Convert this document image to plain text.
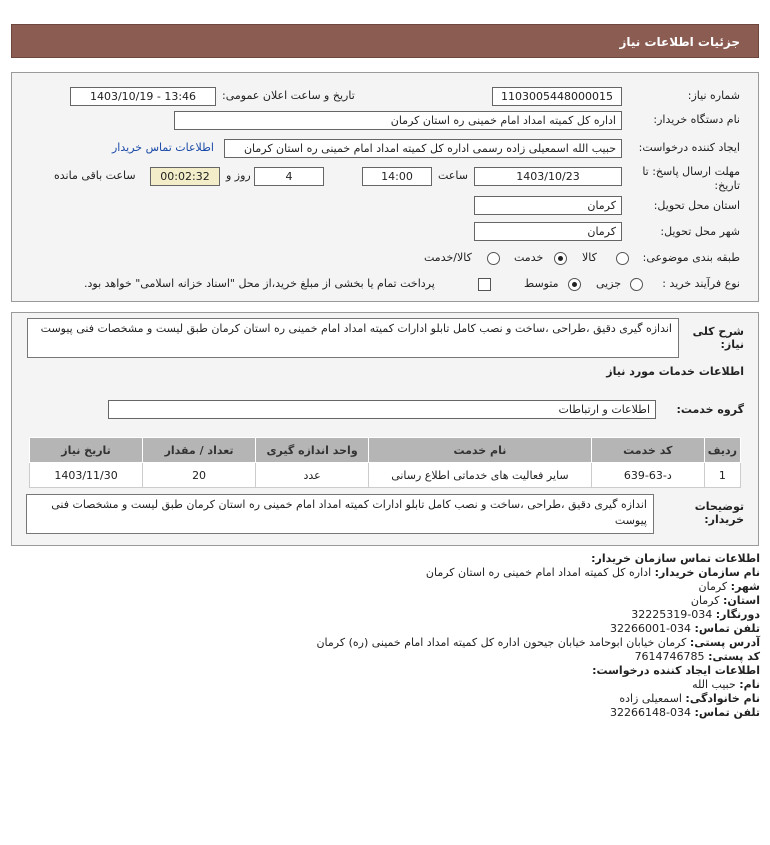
جزئیات اطلاعات نیاز
شماره نیاز:
1103005448000015
تاریخ و ساعت اعلان عمومی:
1403/10/19 - 13:46
نام دستگاه خریدار:
اداره کل کمیته امداد امام خمینی ره استان کرمان
ایجاد کننده درخواست:
حبیب الله اسمعیلی زاده رسمی اداره کل کمیته امداد امام خمینی ره استان کرمان
اطلاعات تماس خریدار
مهلت ارسال پاسخ: تا
تاریخ:
1403/10/23
ساعت
14:00
4
روز و
00:02:32
ساعت باقی مانده
استان محل تحویل:
کرمان
شهر محل تحویل:
کرمان
طبقه بندی موضوعی:
کالا
خدمت
کالا/خدمت
نوع فرآیند خرید :
جزیی
متوسط
پرداخت تمام یا بخشی از مبلغ خرید،از محل "اسناد خزانه اسلامی" خواهد بود.
شرح کلی نیاز:
اندازه گیری دقیق ،طراحی ،ساخت و نصب کامل تابلو ادارات کمیته امداد امام خمینی ره استان کرمان طبق لیست و مشخصات فنی پیوست
اطلاعات خدمات مورد نیاز
گروه خدمت:
اطلاعات و ارتباطات
ردیف	کد خدمت	نام خدمت	واحد اندازه گیری	تعداد / مقدار	تاریخ نیاز
1	د-63-639	سایر فعالیت های خدماتی اطلاع رسانی	عدد	20	1403/11/30
توضیحات خریدار:
اندازه گیری دقیق ،طراحی ،ساخت و نصب کامل تابلو ادارات کمیته امداد امام خمینی ره استان کرمان طبق لیست و مشخصات فنی پیوست
اطلاعات تماس سازمان خریدار:
نام سازمان خریدار: اداره کل کمیته امداد امام خمینی ره استان کرمان
شهر: کرمان
استان: کرمان
دورنگار: 034-32225319
تلفن تماس: 034-32266001
آدرس پستی: کرمان خیابان ابوحامد خیابان جیحون اداره کل کمیته امداد امام خمینی (ره) کرمان
کد پستی: 7614746785
اطلاعات ایجاد کننده درخواست:
نام: حبیب الله
نام خانوادگی: اسمعیلی زاده
تلفن تماس: 034-32266148
